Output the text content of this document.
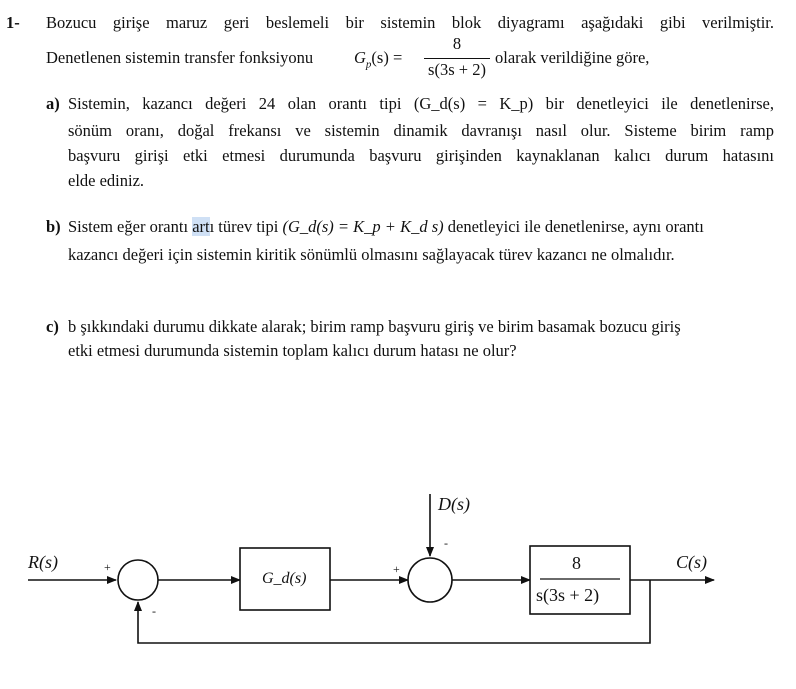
1- Bozucu girişe maruz geri beslemeli bir sistemin blok diyagramı aşağıdaki gibi verilmiştir.
Denetlenen sistemin transfer fonksiyonu $G_p(s)$ =
8
s(3s + 2)
olarak verildiğine göre,
a) Sistemin, kazancı değeri 24 olan orantı tipi (G_d(s) = K_p) bir denetleyici ile denetlenirse,
sönüm oranı, doğal frekansı ve sistemin dinamik davranışı nasıl olur. Sisteme birim ramp
başvuru girişi etki etmesi durumunda başvuru girişinden kaynaklanan kalıcı durum hatasını
elde ediniz.
b) Sistem eğer orantı artı türev tipi (G_d(s) = K_p + K_d s) denetleyici ile denetlenirse, aynı orantı
kazancı değeri için sistemin kiritik sönümlü olmasını sağlayacak türev kazancı ne olmalıdır.
c) b şıkkındaki durumu dikkate alarak; birim ramp başvuru giriş ve birim basamak bozucu giriş
etki etmesi durumunda sistemin toplam kalıcı durum hatası ne olur?
R(s)	C(s)
D(s)
G_d(s)
8
s(3s + 2)
+
-
+
-
